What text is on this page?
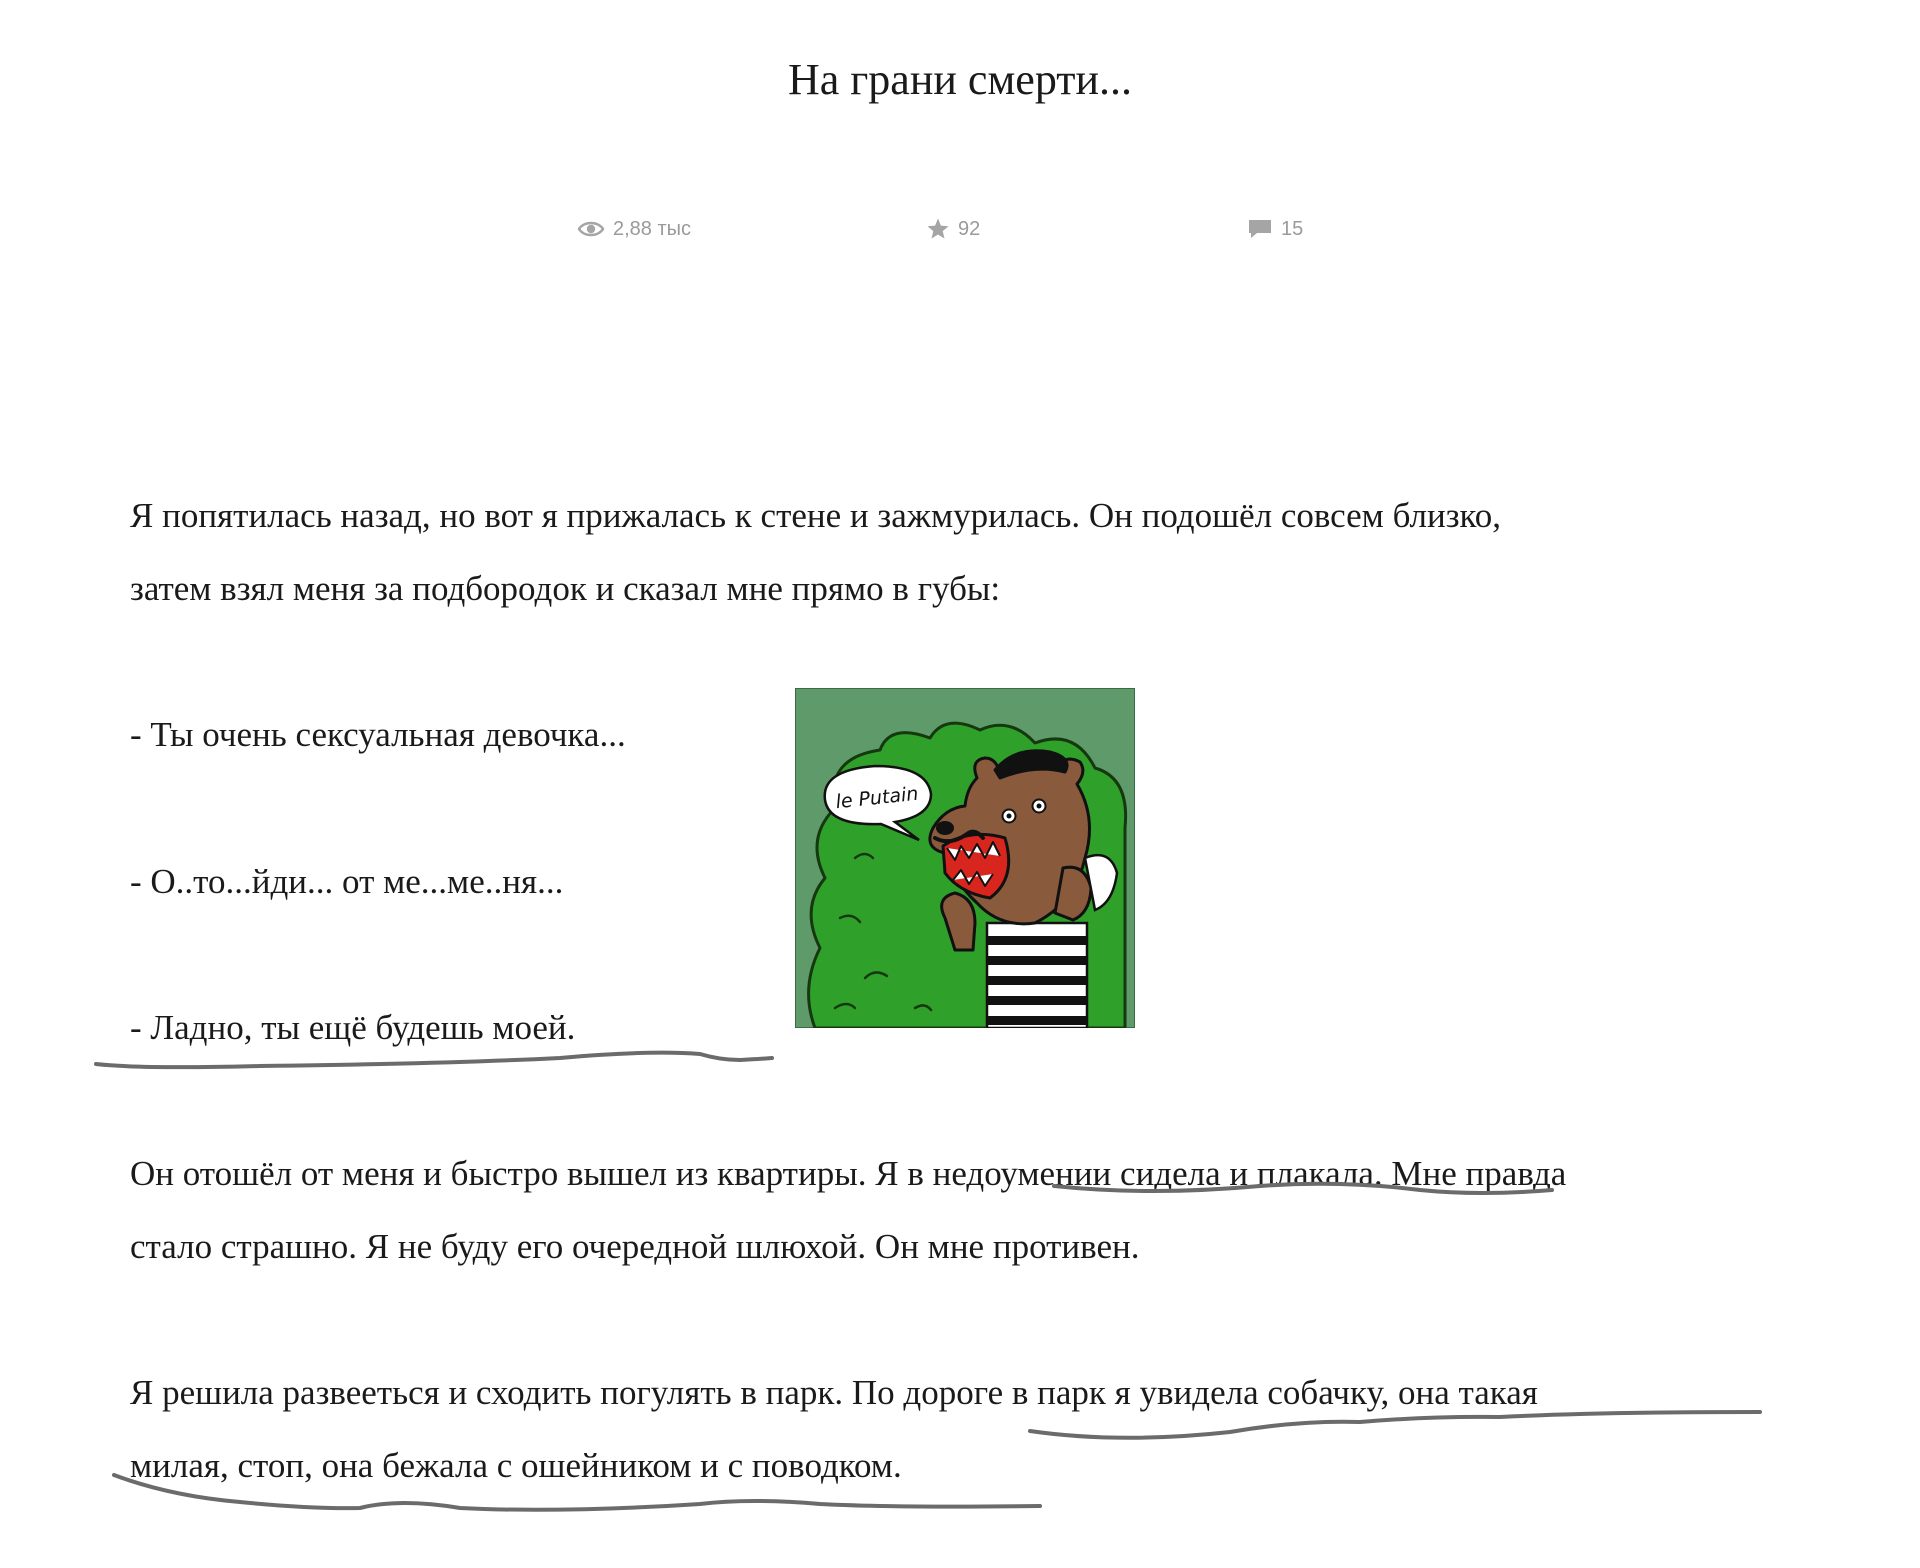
На грани смерти...
2,88 тыс	92	15

Я попятилась назад, но вот я прижалась к стене и зажмурилась. Он подошёл совсем близко,

затем взял меня за подбородок и сказал мне прямо в губы:

- Ты очень сексуальная девочка...

- О..то...йди... от ме...ме..ня...

- Ладно, ты ещё будешь моей.

Он отошёл от меня и быстро вышел из квартиры. Я в недоумении сидела и плакала. Мне правда

стало страшно. Я не буду его очередной шлюхой. Он мне противен.

Я решила развееться и сходить погулять в парк. По дороге в парк я увидела собачку, она такая

милая, стоп, она бежала с ошейником и с поводком.

le Putain
